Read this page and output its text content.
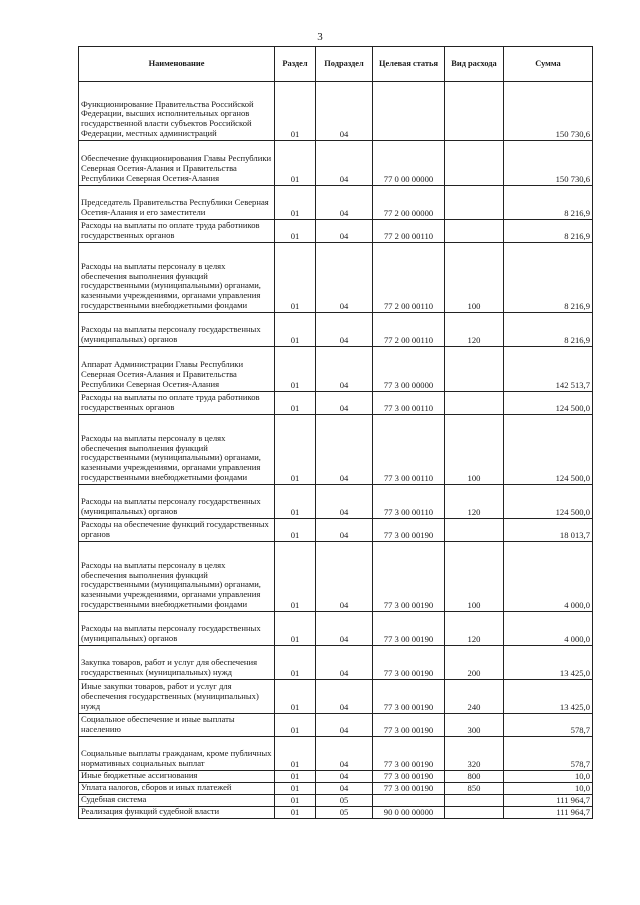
3
Наименование	Раздел	Подраздел	Целевая статья	Вид расхода	Сумма
Функционирование Правительства Российской Федерации, высших исполнительных органов государственной власти субъектов Российской Федерации, местных администраций	01	04			150 730,6
Обеспечение функционирования Главы Республики Северная Осетия-Алания и Правительства Республики Северная Осетия-Алания	01	04	77 0 00 00000		150 730,6
Председатель Правительства Республики Северная Осетия-Алания и его заместители	01	04	77 2 00 00000		8 216,9
Расходы на выплаты по оплате труда работников государственных органов	01	04	77 2 00 00110		8 216,9
Расходы на выплаты персоналу в целях обеспечения выполнения функций государственными (муниципальными) органами, казенными учреждениями, органами управления государственными внебюджетными фондами	01	04	77 2 00 00110	100	8 216,9
Расходы на выплаты персоналу государственных (муниципальных) органов	01	04	77 2 00 00110	120	8 216,9
Аппарат Администрации Главы Республики Северная Осетия-Алания и Правительства Республики Северная Осетия-Алания	01	04	77 3 00 00000		142 513,7
Расходы на выплаты по оплате труда работников государственных органов	01	04	77 3 00 00110		124 500,0
Расходы на выплаты персоналу в целях обеспечения выполнения функций государственными (муниципальными) органами, казенными учреждениями, органами управления государственными внебюджетными фондами	01	04	77 3 00 00110	100	124 500,0
Расходы на выплаты персоналу государственных (муниципальных) органов	01	04	77 3 00 00110	120	124 500,0
Расходы на обеспечение функций государственных органов	01	04	77 3 00 00190		18 013,7
Расходы на выплаты персоналу в целях обеспечения выполнения функций государственными (муниципальными) органами, казенными учреждениями, органами управления государственными внебюджетными фондами	01	04	77 3 00 00190	100	4 000,0
Расходы на выплаты персоналу государственных (муниципальных) органов	01	04	77 3 00 00190	120	4 000,0
Закупка товаров, работ и услуг для обеспечения государственных (муниципальных) нужд	01	04	77 3 00 00190	200	13 425,0
Иные закупки товаров, работ и услуг для обеспечения государственных (муниципальных) нужд	01	04	77 3 00 00190	240	13 425,0
Социальное обеспечение и иные выплаты населению	01	04	77 3 00 00190	300	578,7
Социальные выплаты гражданам, кроме публичных нормативных социальных выплат	01	04	77 3 00 00190	320	578,7
Иные бюджетные ассигнования	01	04	77 3 00 00190	800	10,0
Уплата налогов, сборов и иных платежей	01	04	77 3 00 00190	850	10,0
Судебная система	01	05			111 964,7
Реализация функций судебной власти	01	05	90 0 00 00000		111 964,7
